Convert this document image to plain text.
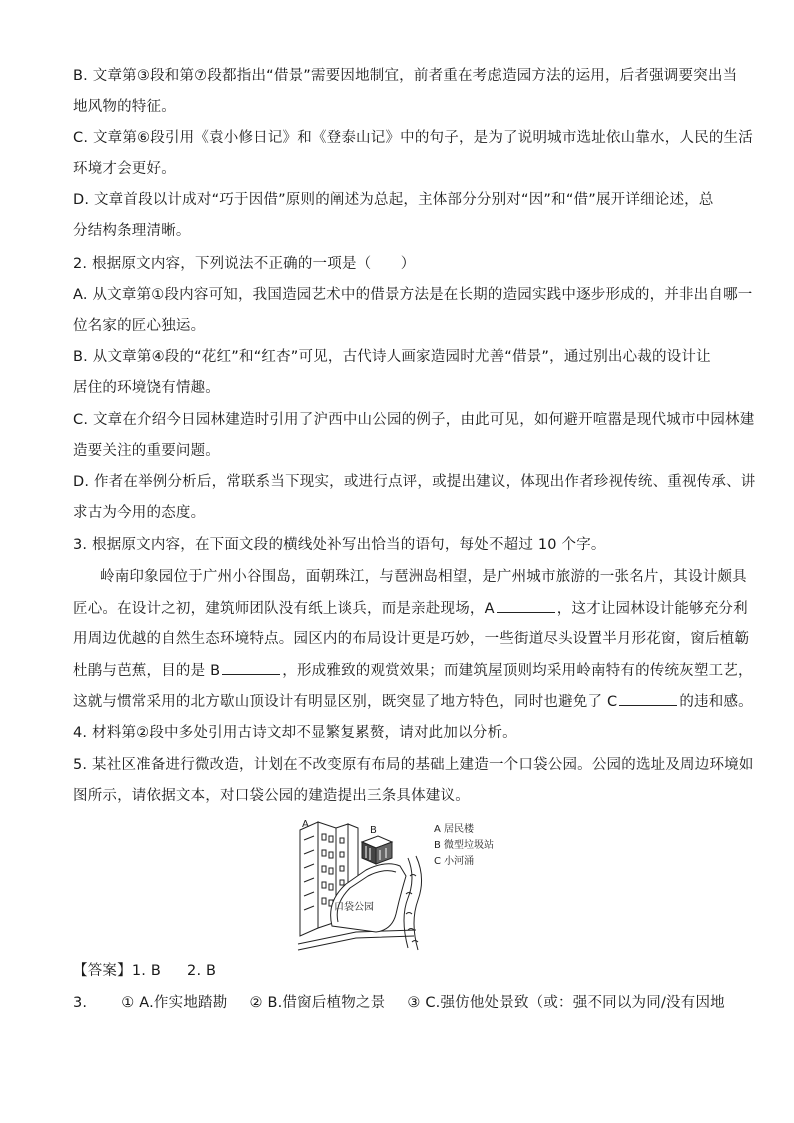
B. 文章第③段和第⑦段都指出“借景”需要因地制宜，前者重在考虑造园方法的运用，后者强调要突出当
地风物的特征。
C. 文章第⑥段引用《袁小修日记》和《登泰山记》中的句子，是为了说明城市选址依山靠水，人民的生活
环境才会更好。
D. 文章首段以计成对“巧于因借”原则的阐述为总起，主体部分分别对“因”和“借”展开详细论述，总
分结构条理清晰。
2. 根据原文内容，下列说法不正确的一项是（　　）
A. 从文章第①段内容可知，我国造园艺术中的借景方法是在长期的造园实践中逐步形成的，并非出自哪一
位名家的匠心独运。
B. 从文章第④段的“花红”和“红杏”可见，古代诗人画家造园时尤善“借景”，通过别出心裁的设计让
居住的环境饶有情趣。
C. 文章在介绍今日园林建造时引用了沪西中山公园的例子，由此可见，如何避开喧嚣是现代城市中园林建
造要关注的重要问题。
D. 作者在举例分析后，常联系当下现实，或进行点评，或提出建议，体现出作者珍视传统、重视传承、讲
求古为今用的态度。
3. 根据原文内容，在下面文段的横线处补写出恰当的语句，每处不超过 10 个字。
岭南印象园位于广州小谷围岛，面朝珠江，与琶洲岛相望，是广州城市旅游的一张名片，其设计颇具
匠心。在设计之初，建筑师团队没有纸上谈兵，而是亲赴现场，A	，这才让园林设计能够充分利
用周边优越的自然生态环境特点。园区内的布局设计更是巧妙，一些街道尽头设置半月形花窗，窗后植簕
杜鹃与芭蕉，目的是 B	，形成雅致的观赏效果；而建筑屋顶则均采用岭南特有的传统灰塑工艺，
这就与惯常采用的北方歇山顶设计有明显区别，既突显了地方特色，同时也避免了 C	的违和感。
4. 材料第②段中多处引用古诗文却不显繁复累赘，请对此加以分析。
5. 某社区准备进行微改造，计划在不改变原有布局的基础上建造一个口袋公园。公园的选址及周边环境如
图所示，请依据文本，对口袋公园的建造提出三条具体建议。
A
B
口袋公园
A 居民楼
B 微型垃圾站
C 小河涌
【答案】1. B 2. B
3. ① A.作实地踏勘 ② B.借窗后植物之景 ③ C.强仿他处景致（或：强不同以为同/没有因地
